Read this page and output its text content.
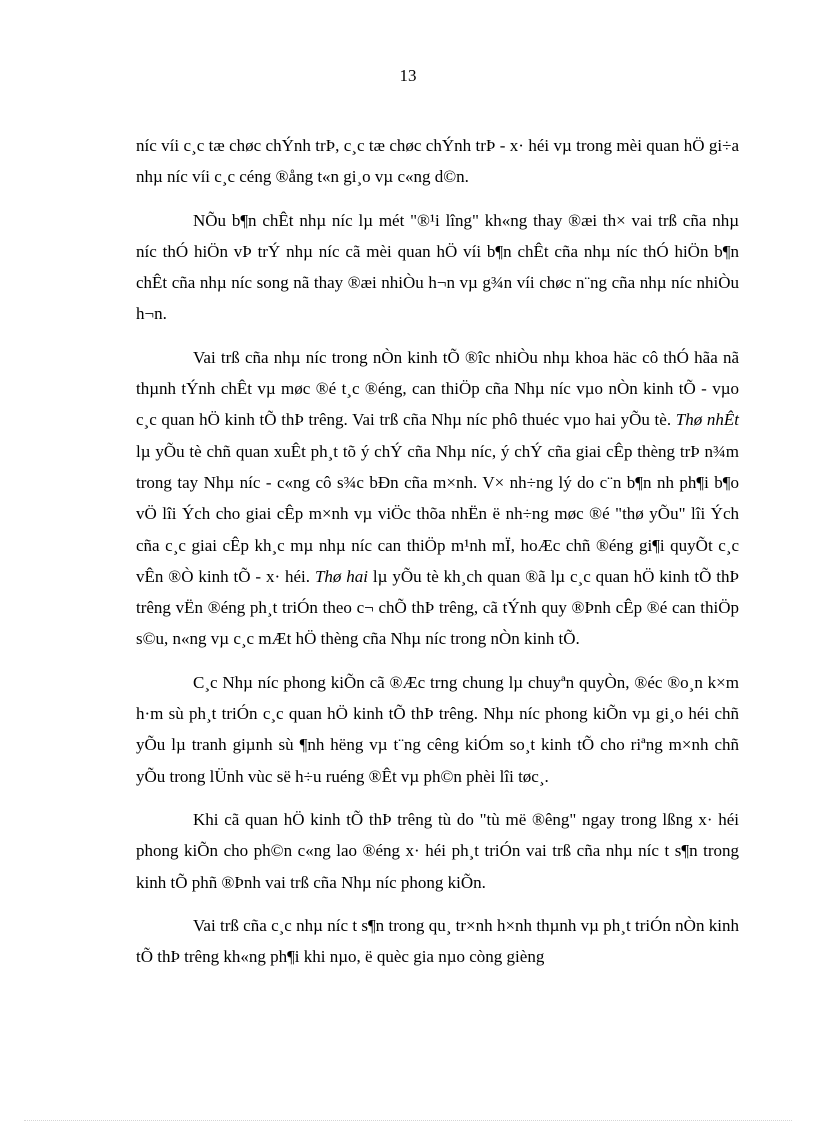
13

níc víi c¸c tæ chøc chÝnh trÞ, c¸c tæ chøc chÝnh trÞ - x· héi vµ trong mèi quan hÖ gi÷a nhµ níc víi c¸c céng ®ång t«n gi¸o vµ c«ng d©n.

NÕu b¶n chÊt nhµ níc lµ mét "®¹i lîng" kh«ng thay ®æi th× vai trß cña nhµ níc thÓ hiÖn vÞ trÝ nhµ níc cã mèi quan hÖ víi b¶n chÊt cña nhµ níc thÓ hiÖn b¶n chÊt cña nhµ níc song nã thay ®æi nhiÒu h¬n vµ g¾n víi chøc n¨ng cña nhµ níc nhiÒu h¬n.

Vai trß cña nhµ níc trong nÒn kinh tÕ ®îc nhiÒu nhµ khoa häc cô thÓ hãa nã thµnh tÝnh chÊt vµ møc ®é t¸c ®éng, can thiÖp cña Nhµ níc vµo nÒn kinh tÕ - vµo c¸c quan hÖ kinh tÕ thÞ trêng. Vai trß cña Nhµ níc phô thuéc vµo hai yÕu tè. Thø nhÊt lµ yÕu tè chñ quan xuÊt ph¸t tõ ý chÝ cña Nhµ níc, ý chÝ cña giai cÊp thèng trÞ n¾m trong tay Nhµ níc - c«ng cô s¾c bÐn cña m×nh. V× nh÷ng lý do c¨n b¶n nh ph¶i b¶o vÖ lîi Ých cho giai cÊp m×nh vµ viÖc thõa nhËn ë nh÷ng møc ®é "thø yÕu" lîi Ých cña c¸c giai cÊp kh¸c mµ nhµ níc can thiÖp m¹nh mÏ, hoÆc chñ ®éng gi¶i quyÕt c¸c vÊn ®Ò kinh tÕ - x· héi. Thø hai lµ yÕu tè kh¸ch quan ®ã lµ c¸c quan hÖ kinh tÕ thÞ trêng vËn ®éng ph¸t triÓn theo c¬ chÕ thÞ trêng, cã tÝnh quy ®Þnh cÊp ®é can thiÖp s©u, n«ng vµ c¸c mÆt hÖ thèng cña Nhµ níc trong nÒn kinh tÕ.

C¸c Nhµ níc phong kiÕn cã ®Æc trng chung lµ chuyªn quyÒn, ®éc ®o¸n k×m h·m sù ph¸t triÓn c¸c quan hÖ kinh tÕ thÞ trêng. Nhµ níc phong kiÕn vµ gi¸o héi chñ yÕu lµ tranh giµnh sù ¶nh hëng vµ t¨ng cêng kiÓm so¸t kinh tÕ cho riªng m×nh chñ yÕu trong lÜnh vùc së h÷u ruéng ®Êt vµ ph©n phèi lîi tøc¸.

Khi cã quan hÖ kinh tÕ thÞ trêng tù do "tù më ®êng" ngay trong lßng x· héi phong kiÕn cho ph©n c«ng lao ®éng x· héi ph¸t triÓn vai trß cña nhµ níc t s¶n trong kinh tÕ phñ ®Þnh vai trß cña Nhµ níc phong kiÕn.

Vai trß cña c¸c nhµ níc t s¶n trong qu¸ tr×nh h×nh thµnh vµ ph¸t triÓn nÒn kinh tÕ thÞ trêng kh«ng ph¶i khi nµo, ë quèc gia nµo còng gièng
